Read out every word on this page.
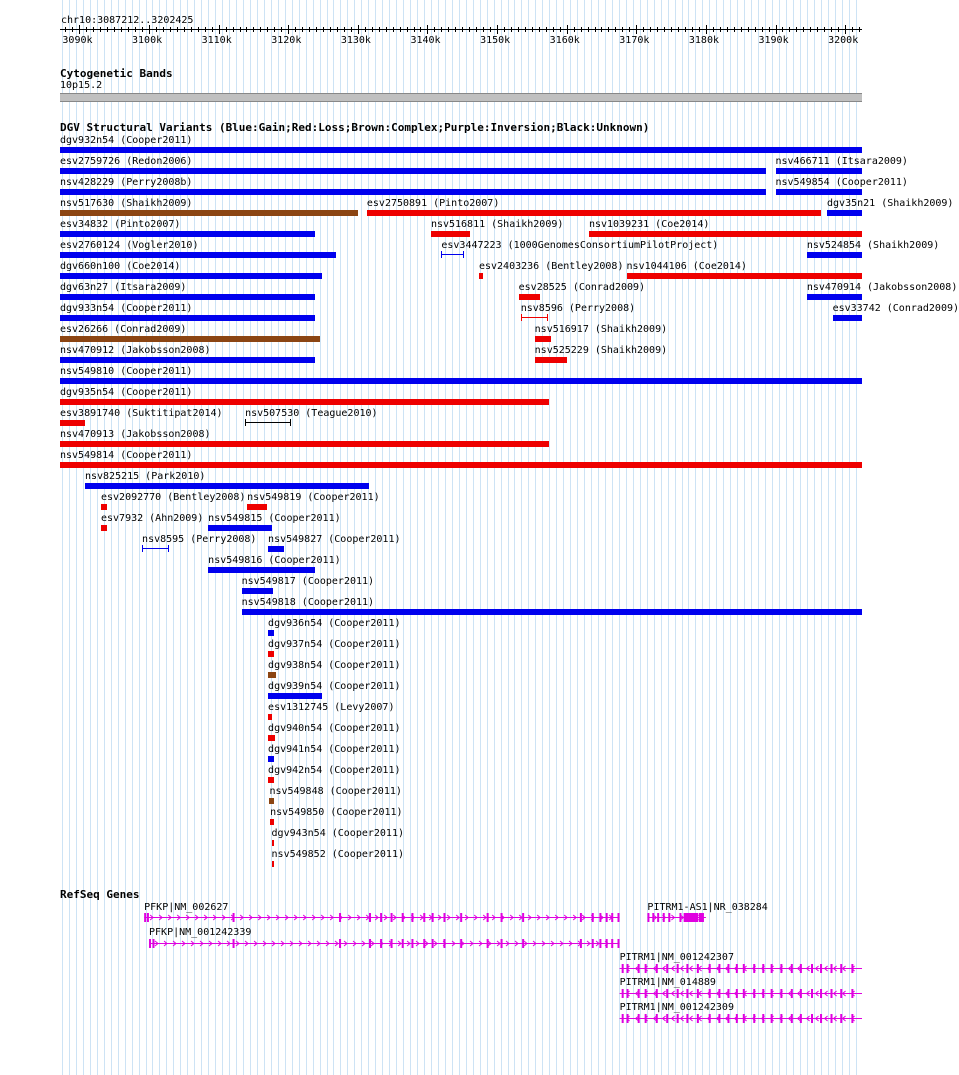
chr10:3087212..3202425
3090k	3100k	3110k	3120k	3130k	3140k	3150k	3160k	3170k	3180k	3190k	3200k
Cytogenetic Bands
10p15.2
DGV Structural Variants (Blue:Gain;Red:Loss;Brown:Complex;Purple:Inversion;Black:Unknown)
dgv932n54 (Cooper2011)
esv2759726 (Redon2006)	nsv466711 (Itsara2009)
nsv428229 (Perry2008b)	nsv549854 (Cooper2011)
nsv517630 (Shaikh2009)	esv2750891 (Pinto2007)	dgv35n21 (Shaikh2009)
esv34832 (Pinto2007)	nsv516811 (Shaikh2009)	nsv1039231 (Coe2014)
esv2760124 (Vogler2010)	esv3447223 (1000GenomesConsortiumPilotProject)	nsv524854 (Shaikh2009)
dgv660n100 (Coe2014)	esv2403236 (Bentley2008) nsv1044106 (Coe2014)
dgv63n27 (Itsara2009)	esv28525 (Conrad2009)	nsv470914 (Jakobsson2008)
dgv933n54 (Cooper2011)	nsv8596 (Perry2008)	esv33742 (Conrad2009)
esv26266 (Conrad2009)	nsv516917 (Shaikh2009)
nsv470912 (Jakobsson2008)	nsv525229 (Shaikh2009)
nsv549810 (Cooper2011)
dgv935n54 (Cooper2011)
esv3891740 (Suktitipat2014) nsv507530 (Teague2010)
nsv470913 (Jakobsson2008)
nsv549814 (Cooper2011)
nsv825215 (Park2010)
esv2092770 (Bentley2008) nsv549819 (Cooper2011)
esv7932 (Ahn2009) nsv549815 (Cooper2011)
nsv8595 (Perry2008) nsv549827 (Cooper2011)
nsv549816 (Cooper2011)
nsv549817 (Cooper2011)
nsv549818 (Cooper2011)
dgv936n54 (Cooper2011)
dgv937n54 (Cooper2011)
dgv938n54 (Cooper2011)
dgv939n54 (Cooper2011)
esv1312745 (Levy2007)
dgv940n54 (Cooper2011)
dgv941n54 (Cooper2011)
dgv942n54 (Cooper2011)
nsv549848 (Cooper2011)
nsv549850 (Cooper2011)
dgv943n54 (Cooper2011)
nsv549852 (Cooper2011)
RefSeq Genes
PFKP|NM_002627
PFKP|NM_001242339
PITRM1-AS1|NR_038284
PITRM1|NM_001242307
PITRM1|NM_014889
PITRM1|NM_001242309
